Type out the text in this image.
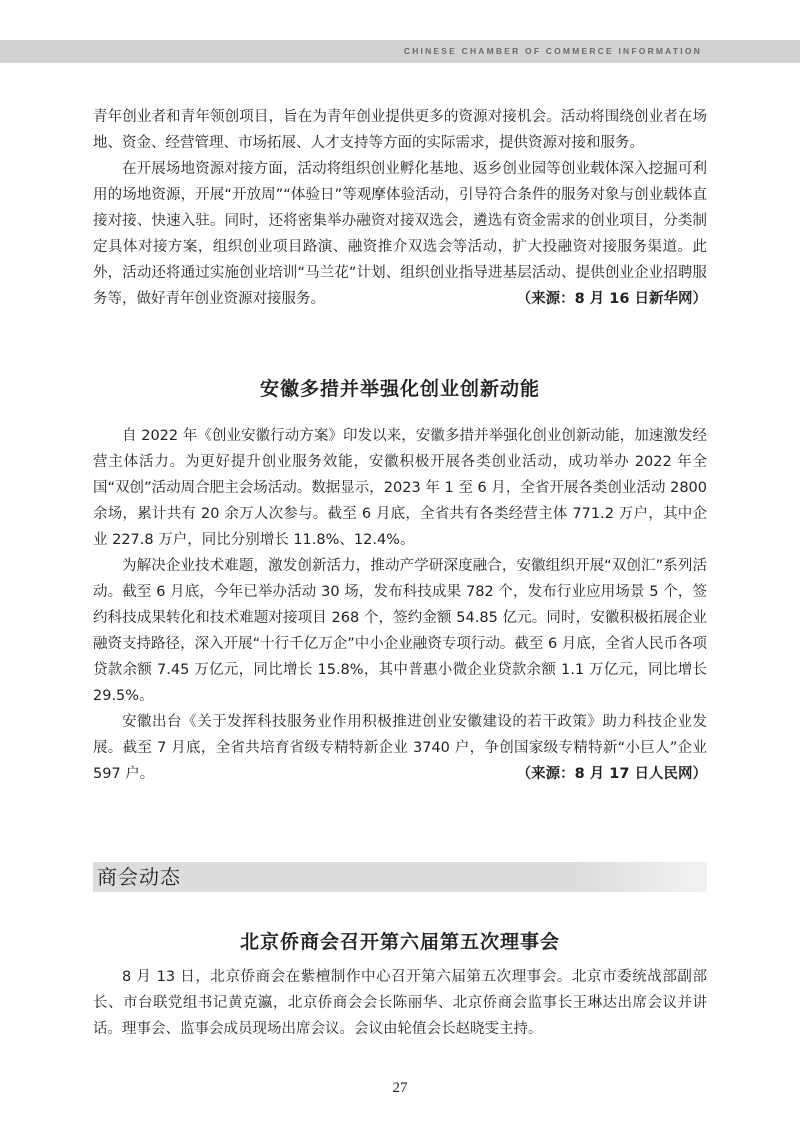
CHINESE CHAMBER OF COMMERCE INFORMATION

青年创业者和青年领创项目，旨在为青年创业提供更多的资源对接机会。活动将围绕创业者在场地、资金、经营管理、市场拓展、人才支持等方面的实际需求，提供资源对接和服务。

在开展场地资源对接方面，活动将组织创业孵化基地、返乡创业园等创业载体深入挖掘可利用的场地资源，开展“开放周”“体验日”等观摩体验活动，引导符合条件的服务对象与创业载体直接对接、快速入驻。同时，还将密集举办融资对接双选会，遴选有资金需求的创业项目，分类制定具体对接方案，组织创业项目路演、融资推介双选会等活动，扩大投融资对接服务渠道。此外，活动还将通过实施创业培训“马兰花”计划、组织创业指导进基层活动、提供创业企业招聘服务等，做好青年创业资源对接服务。	（来源：8 月 16 日新华网）

安徽多措并举强化创业创新动能

自 2022 年《创业安徽行动方案》印发以来，安徽多措并举强化创业创新动能，加速激发经营主体活力。为更好提升创业服务效能，安徽积极开展各类创业活动，成功举办 2022 年全国“双创”活动周合肥主会场活动。数据显示，2023 年 1 至 6 月，全省开展各类创业活动 2800 余场，累计共有 20 余万人次参与。截至 6 月底，全省共有各类经营主体 771.2 万户，其中企业 227.8 万户，同比分别增长 11.8%、12.4%。

为解决企业技术难题，激发创新活力，推动产学研深度融合，安徽组织开展“双创汇”系列活动。截至 6 月底，今年已举办活动 30 场，发布科技成果 782 个，发布行业应用场景 5 个，签约科技成果转化和技术难题对接项目 268 个，签约金额 54.85 亿元。同时，安徽积极拓展企业融资支持路径，深入开展“十行千亿万企”中小企业融资专项行动。截至 6 月底，全省人民币各项贷款余额 7.45 万亿元，同比增长 15.8%，其中普惠小微企业贷款余额 1.1 万亿元，同比增长 29.5%。

安徽出台《关于发挥科技服务业作用积极推进创业安徽建设的若干政策》助力科技企业发展。截至 7 月底，全省共培育省级专精特新企业 3740 户，争创国家级专精特新“小巨人”企业 597 户。	（来源：8 月 17 日人民网）

商会动态
北京侨商会召开第六届第五次理事会

8 月 13 日，北京侨商会在紫檀制作中心召开第六届第五次理事会。北京市委统战部副部长、市台联党组书记黄克瀛，北京侨商会会长陈丽华、北京侨商会监事长王琳达出席会议并讲话。理事会、监事会成员现场出席会议。会议由轮值会长赵晓雯主持。

27
